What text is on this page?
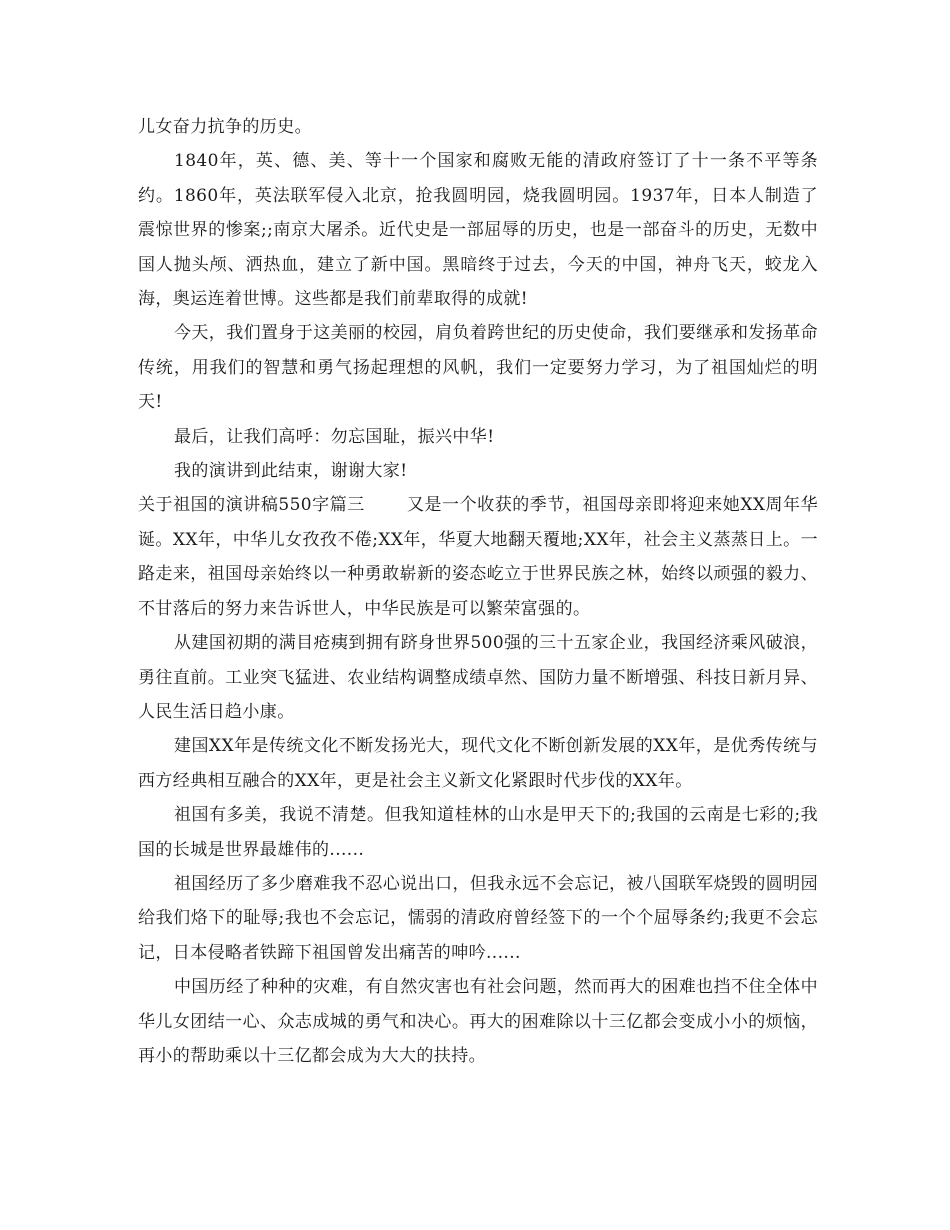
儿女奋力抗争的历史。

1840年，英、德、美、等十一个国家和腐败无能的清政府签订了十一条不平等条约。1860年，英法联军侵入北京，抢我圆明园，烧我圆明园。1937年，日本人制造了震惊世界的惨案;;南京大屠杀。近代史是一部屈辱的历史，也是一部奋斗的历史，无数中国人抛头颅、洒热血，建立了新中国。黑暗终于过去，今天的中国，神舟飞天，蛟龙入海，奥运连着世博。这些都是我们前辈取得的成就!

今天，我们置身于这美丽的校园，肩负着跨世纪的历史使命，我们要继承和发扬革命传统，用我们的智慧和勇气扬起理想的风帆，我们一定要努力学习，为了祖国灿烂的明天!

最后，让我们高呼：勿忘国耻，振兴中华!

我的演讲到此结束，谢谢大家!

关于祖国的演讲稿550字篇三 又是一个收获的季节，祖国母亲即将迎来她XX周年华诞。XX年，中华儿女孜孜不倦;XX年，华夏大地翻天覆地;XX年，社会主义蒸蒸日上。一路走来，祖国母亲始终以一种勇敢崭新的姿态屹立于世界民族之林，始终以顽强的毅力、不甘落后的努力来告诉世人，中华民族是可以繁荣富强的。

从建国初期的满目疮痍到拥有跻身世界500强的三十五家企业，我国经济乘风破浪，勇往直前。工业突飞猛进、农业结构调整成绩卓然、国防力量不断增强、科技日新月异、人民生活日趋小康。

建国XX年是传统文化不断发扬光大，现代文化不断创新发展的XX年，是优秀传统与西方经典相互融合的XX年，更是社会主义新文化紧跟时代步伐的XX年。

祖国有多美，我说不清楚。但我知道桂林的山水是甲天下的;我国的云南是七彩的;我国的长城是世界最雄伟的......

祖国经历了多少磨难我不忍心说出口，但我永远不会忘记，被八国联军烧毁的圆明园给我们烙下的耻辱;我也不会忘记，懦弱的清政府曾经签下的一个个屈辱条约;我更不会忘记，日本侵略者铁蹄下祖国曾发出痛苦的呻吟......

中国历经了种种的灾难，有自然灾害也有社会问题，然而再大的困难也挡不住全体中华儿女团结一心、众志成城的勇气和决心。再大的困难除以十三亿都会变成小小的烦恼，再小的帮助乘以十三亿都会成为大大的扶持。
